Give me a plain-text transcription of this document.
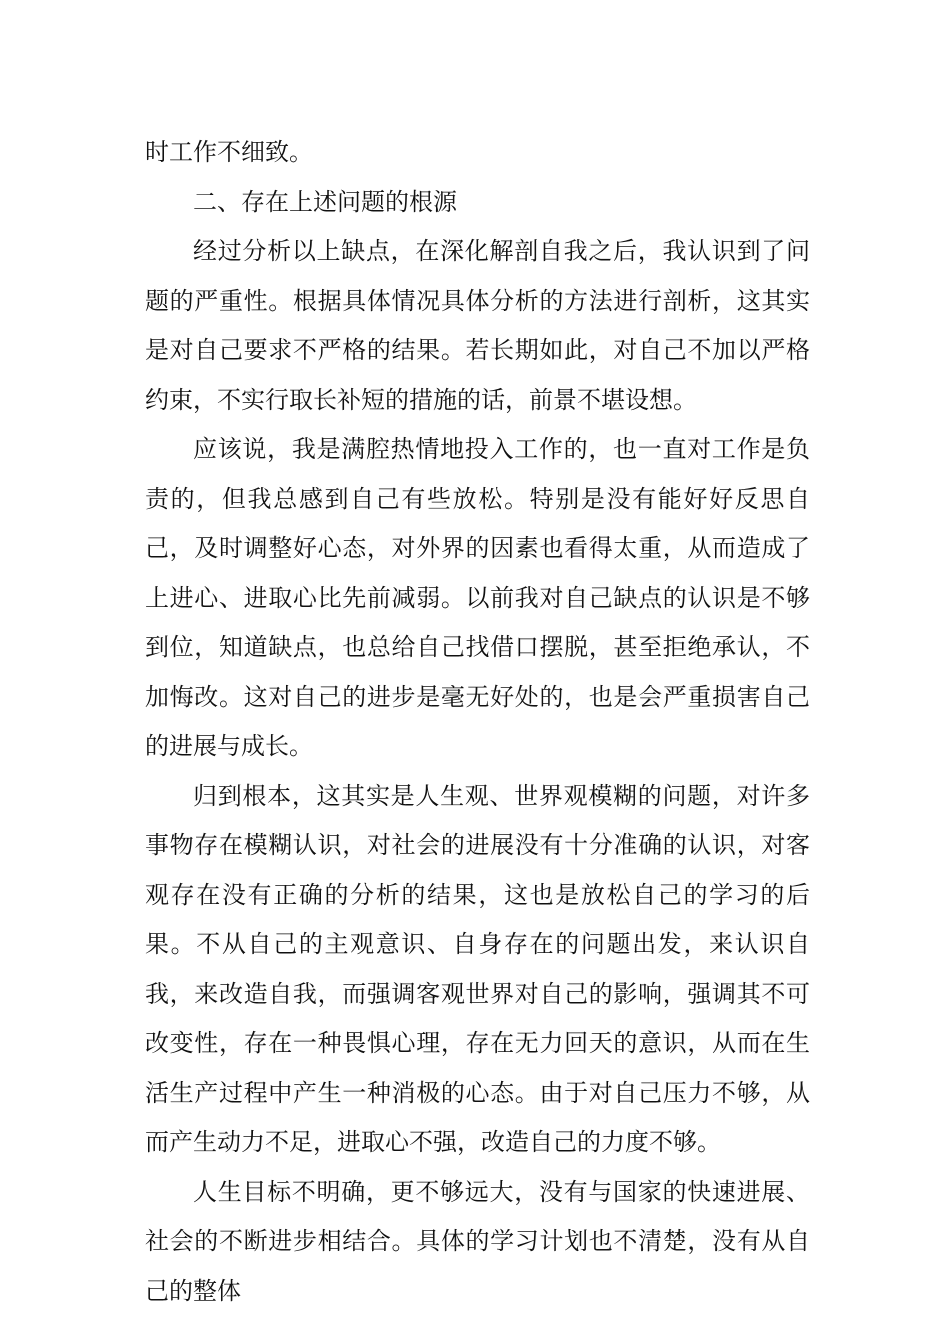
时工作不细致。

二、存在上述问题的根源

经过分析以上缺点，在深化解剖自我之后，我认识到了问题的严重性。根据具体情况具体分析的方法进行剖析，这其实是对自己要求不严格的结果。若长期如此，对自己不加以严格约束，不实行取长补短的措施的话，前景不堪设想。

应该说，我是满腔热情地投入工作的，也一直对工作是负责的，但我总感到自己有些放松。特别是没有能好好反思自己，及时调整好心态，对外界的因素也看得太重，从而造成了上进心、进取心比先前减弱。以前我对自己缺点的认识是不够到位，知道缺点，也总给自己找借口摆脱，甚至拒绝承认，不加悔改。这对自己的进步是毫无好处的，也是会严重损害自己的进展与成长。

归到根本，这其实是人生观、世界观模糊的问题，对许多事物存在模糊认识，对社会的进展没有十分准确的认识，对客观存在没有正确的分析的结果，这也是放松自己的学习的后果。不从自己的主观意识、自身存在的问题出发，来认识自我，来改造自我，而强调客观世界对自己的影响，强调其不可改变性，存在一种畏惧心理，存在无力回天的意识，从而在生活生产过程中产生一种消极的心态。由于对自己压力不够，从而产生动力不足，进取心不强，改造自己的力度不够。

人生目标不明确，更不够远大，没有与国家的快速进展、社会的不断进步相结合。具体的学习计划也不清楚，没有从自己的整体
